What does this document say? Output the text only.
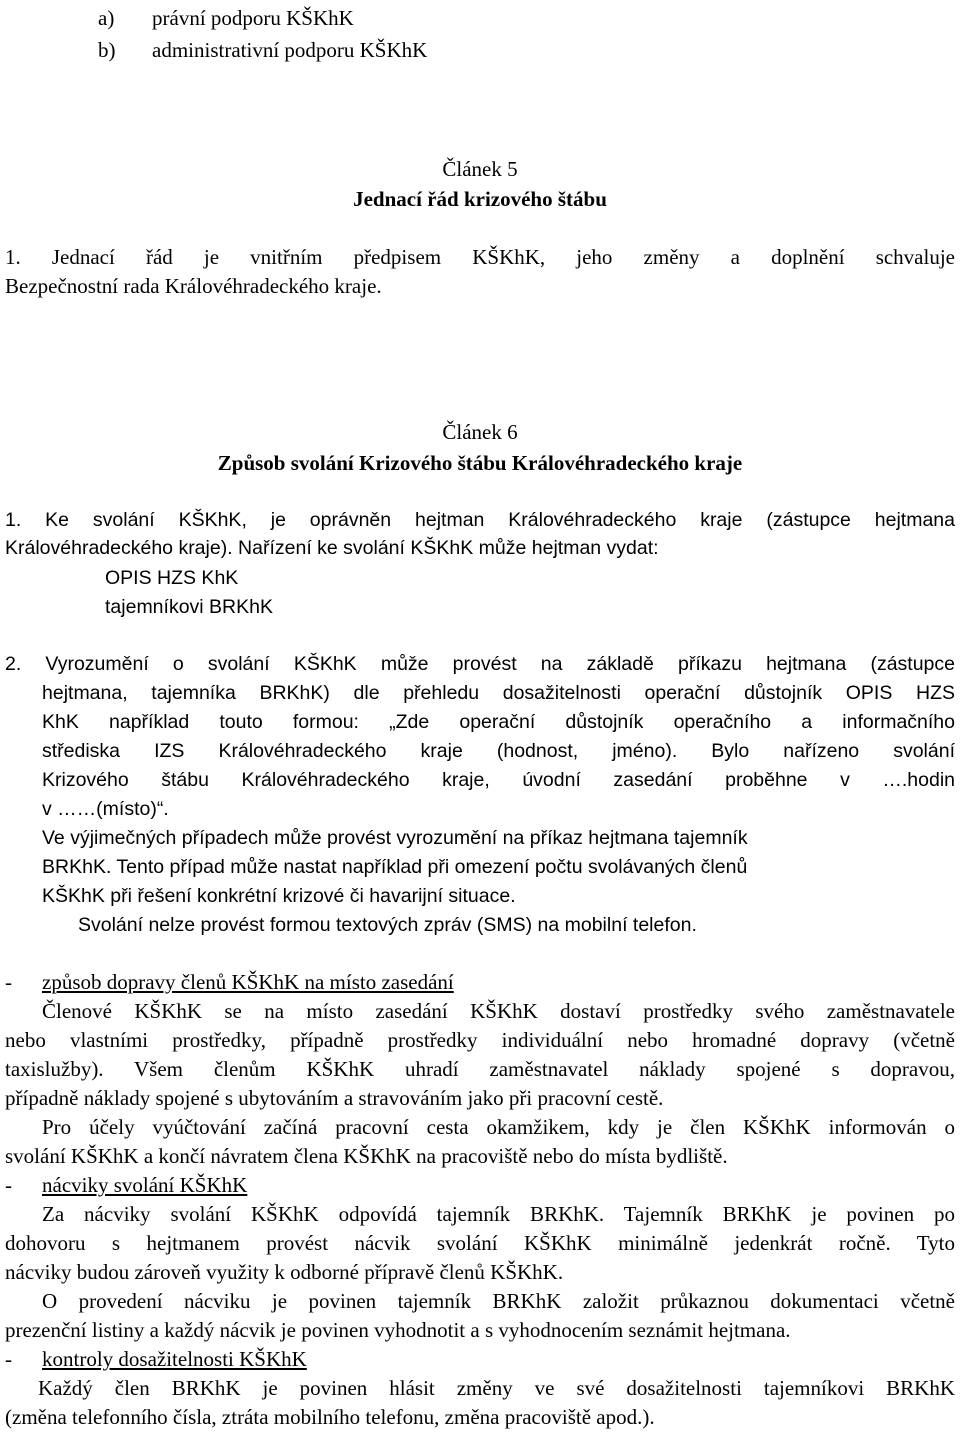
a) právní podporu KŠKhK
b) administrativní podporu KŠKhK
Článek 5
Jednací řád krizového štábu
1. Jednací řád je vnitřním předpisem KŠKhK, jeho změny a doplnění schvaluje
Bezpečnostní rada Královéhradeckého kraje.
Článek 6
Způsob svolání Krizového štábu Královéhradeckého kraje
1. Ke svolání KŠKhK, je oprávněn hejtman Královéhradeckého kraje (zástupce hejtmana
Královéhradeckého kraje). Nařízení ke svolání KŠKhK může hejtman vydat:
OPIS HZS KhK
tajemníkovi BRKhK
2. Vyrozumění o svolání KŠKhK může provést na základě příkazu hejtmana (zástupce
hejtmana, tajemníka BRKhK) dle přehledu dosažitelnosti operační důstojník OPIS HZS
KhK například touto formou: „Zde operační důstojník operačního a informačního
střediska IZS Královéhradeckého kraje (hodnost, jméno). Bylo nařízeno svolání
Krizového štábu Královéhradeckého kraje, úvodní zasedání proběhne v ….hodin
v ……(místo)“.
Ve výjimečných případech může provést vyrozumění na příkaz hejtmana tajemník
BRKhK. Tento případ může nastat například při omezení počtu svolávaných členů
KŠKhK při řešení konkrétní krizové či havarijní situace.
Svolání nelze provést formou textových zpráv (SMS) na mobilní telefon.
- způsob dopravy členů KŠKhK na místo zasedání
Členové KŠKhK se na místo zasedání KŠKhK dostaví prostředky svého zaměstnavatele
nebo vlastními prostředky, případně prostředky individuální nebo hromadné dopravy (včetně
taxislužby). Všem členům KŠKhK uhradí zaměstnavatel náklady spojené s dopravou,
případně náklady spojené s ubytováním a stravováním jako při pracovní cestě.
Pro účely vyúčtování začíná pracovní cesta okamžikem, kdy je člen KŠKhK informován o
svolání KŠKhK a končí návratem člena KŠKhK na pracoviště nebo do místa bydliště.
- nácviky svolání KŠKhK
Za nácviky svolání KŠKhK odpovídá tajemník BRKhK. Tajemník BRKhK je povinen po
dohovoru s hejtmanem provést nácvik svolání KŠKhK minimálně jedenkrát ročně. Tyto
nácviky budou zároveň využity k odborné přípravě členů KŠKhK.
O provedení nácviku je povinen tajemník BRKhK založit průkaznou dokumentaci včetně
prezenční listiny a každý nácvik je povinen vyhodnotit a s vyhodnocením seznámit hejtmana.
- kontroly dosažitelnosti KŠKhK
Každý člen BRKhK je povinen hlásit změny ve své dosažitelnosti tajemníkovi BRKhK
(změna telefonního čísla, ztráta mobilního telefonu, změna pracoviště apod.).
